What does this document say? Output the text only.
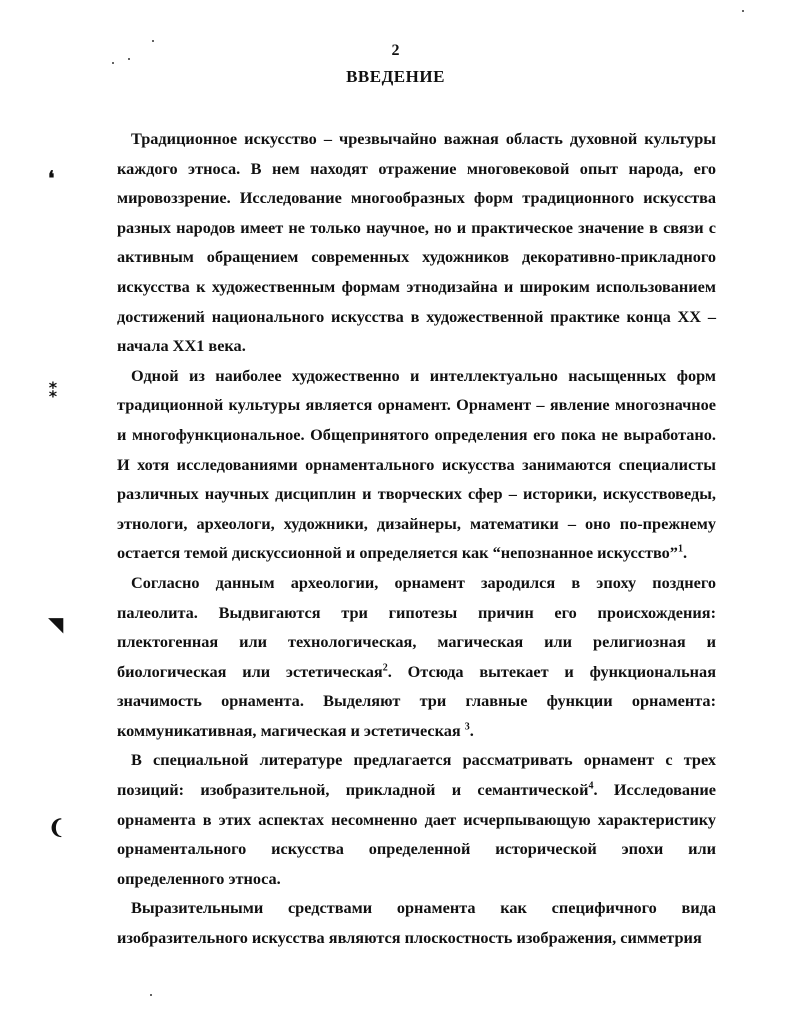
2
ВВЕДЕНИЕ
❛
⁑
◥
❨

Традиционное искусство – чрезвычайно важная область духовной культуры каждого этноса. В нем находят отражение многовековой опыт народа, его мировоззрение. Исследование многообразных форм традиционного искусства разных народов имеет не только научное, но и практическое значение в связи с активным обращением современных художников декоративно-прикладного искусства к художественным формам этнодизайна и широким использованием достижений национального искусства в художественной практике конца XX – начала XX1 века.

Одной из наиболее художественно и интеллектуально насыщенных форм традиционной культуры является орнамент. Орнамент – явление многозначное и многофункциональное. Общепринятого определения его пока не выработано. И хотя исследованиями орнаментального искусства занимаются специалисты различных научных дисциплин и творческих сфер – историки, искусствоведы, этнологи, археологи, художники, дизайнеры, математики – оно по-прежнему остается темой дискуссионной и определяется как “непознанное искусство”$^1$.

Согласно данным археологии, орнамент зародился в эпоху позднего палеолита. Выдвигаются три гипотезы причин его происхождения: плектогенная или технологическая, магическая или религиозная и биологическая или эстетическая$^2$. Отсюда вытекает и функциональная значимость орнамента. Выделяют три главные функции орнамента: коммуникативная, магическая и эстетическая $^3$.

В специальной литературе предлагается рассматривать орнамент с трех позиций: изобразительной, прикладной и семантической$^4$. Исследование орнамента в этих аспектах несомненно дает исчерпывающую характеристику орнаментального искусства определенной исторической эпохи или определенного этноса.

Выразительными средствами орнамента как специфичного вида изобразительного искусства являются плоскостность изображения, симметрия
